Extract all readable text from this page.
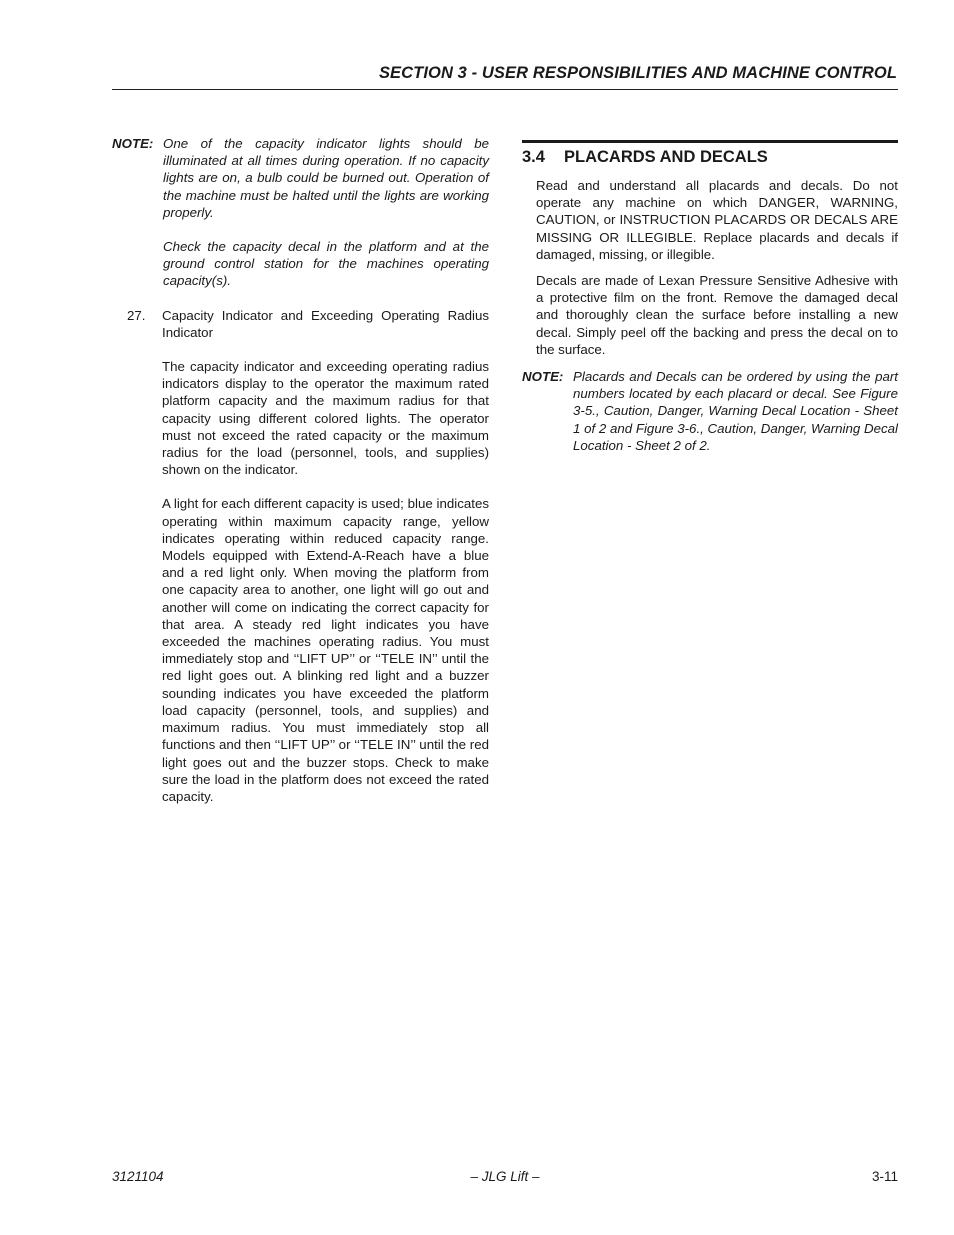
SECTION 3 - USER RESPONSIBILITIES AND MACHINE CONTROL
NOTE: One of the capacity indicator lights should be illuminated at all times during operation. If no capacity lights are on, a bulb could be burned out. Operation of the machine must be halted until the lights are working properly.

Check the capacity decal in the platform and at the ground control station for the machines operating capacity(s).

27.	Capacity Indicator and Exceeding Operating Radius Indicator

The capacity indicator and exceeding operating radius indicators display to the operator the maximum rated platform capacity and the maximum radius for that capacity using different colored lights. The operator must not exceed the rated capacity or the maximum radius for the load (personnel, tools, and supplies) shown on the indicator.

A light for each different capacity is used; blue indicates operating within maximum capacity range, yellow indicates operating within reduced capacity range. Models equipped with Extend-A-Reach have a blue and a red light only. When moving the platform from one capacity area to another, one light will go out and another will come on indicating the correct capacity for that area. A steady red light indicates you have exceeded the machines operating radius. You must immediately stop and ‘‘LIFT UP’’ or ‘‘TELE IN’’ until the red light goes out. A blinking red light and a buzzer sounding indicates you have exceeded the platform load capacity (personnel, tools, and supplies) and maximum radius. You must immediately stop all functions and then ‘‘LIFT UP’’ or ‘‘TELE IN’’ until the red light goes out and the buzzer stops. Check to make sure the load in the platform does not exceed the rated capacity.

3.4	PLACARDS AND DECALS

Read and understand all placards and decals. Do not operate any machine on which DANGER, WARNING, CAUTION, or INSTRUCTION PLACARDS OR DECALS ARE MISSING OR ILLEGIBLE. Replace placards and decals if damaged, missing, or illegible.

Decals are made of Lexan Pressure Sensitive Adhesive with a protective film on the front. Remove the damaged decal and thoroughly clean the surface before installing a new decal. Simply peel off the backing and press the decal on to the surface.

NOTE: Placards and Decals can be ordered by using the part numbers located by each placard or decal. See Figure 3-5., Caution, Danger, Warning Decal Location - Sheet 1 of 2 and Figure 3-6., Caution, Danger, Warning Decal Location - Sheet 2 of 2.

3121104	– JLG Lift –	3-11
